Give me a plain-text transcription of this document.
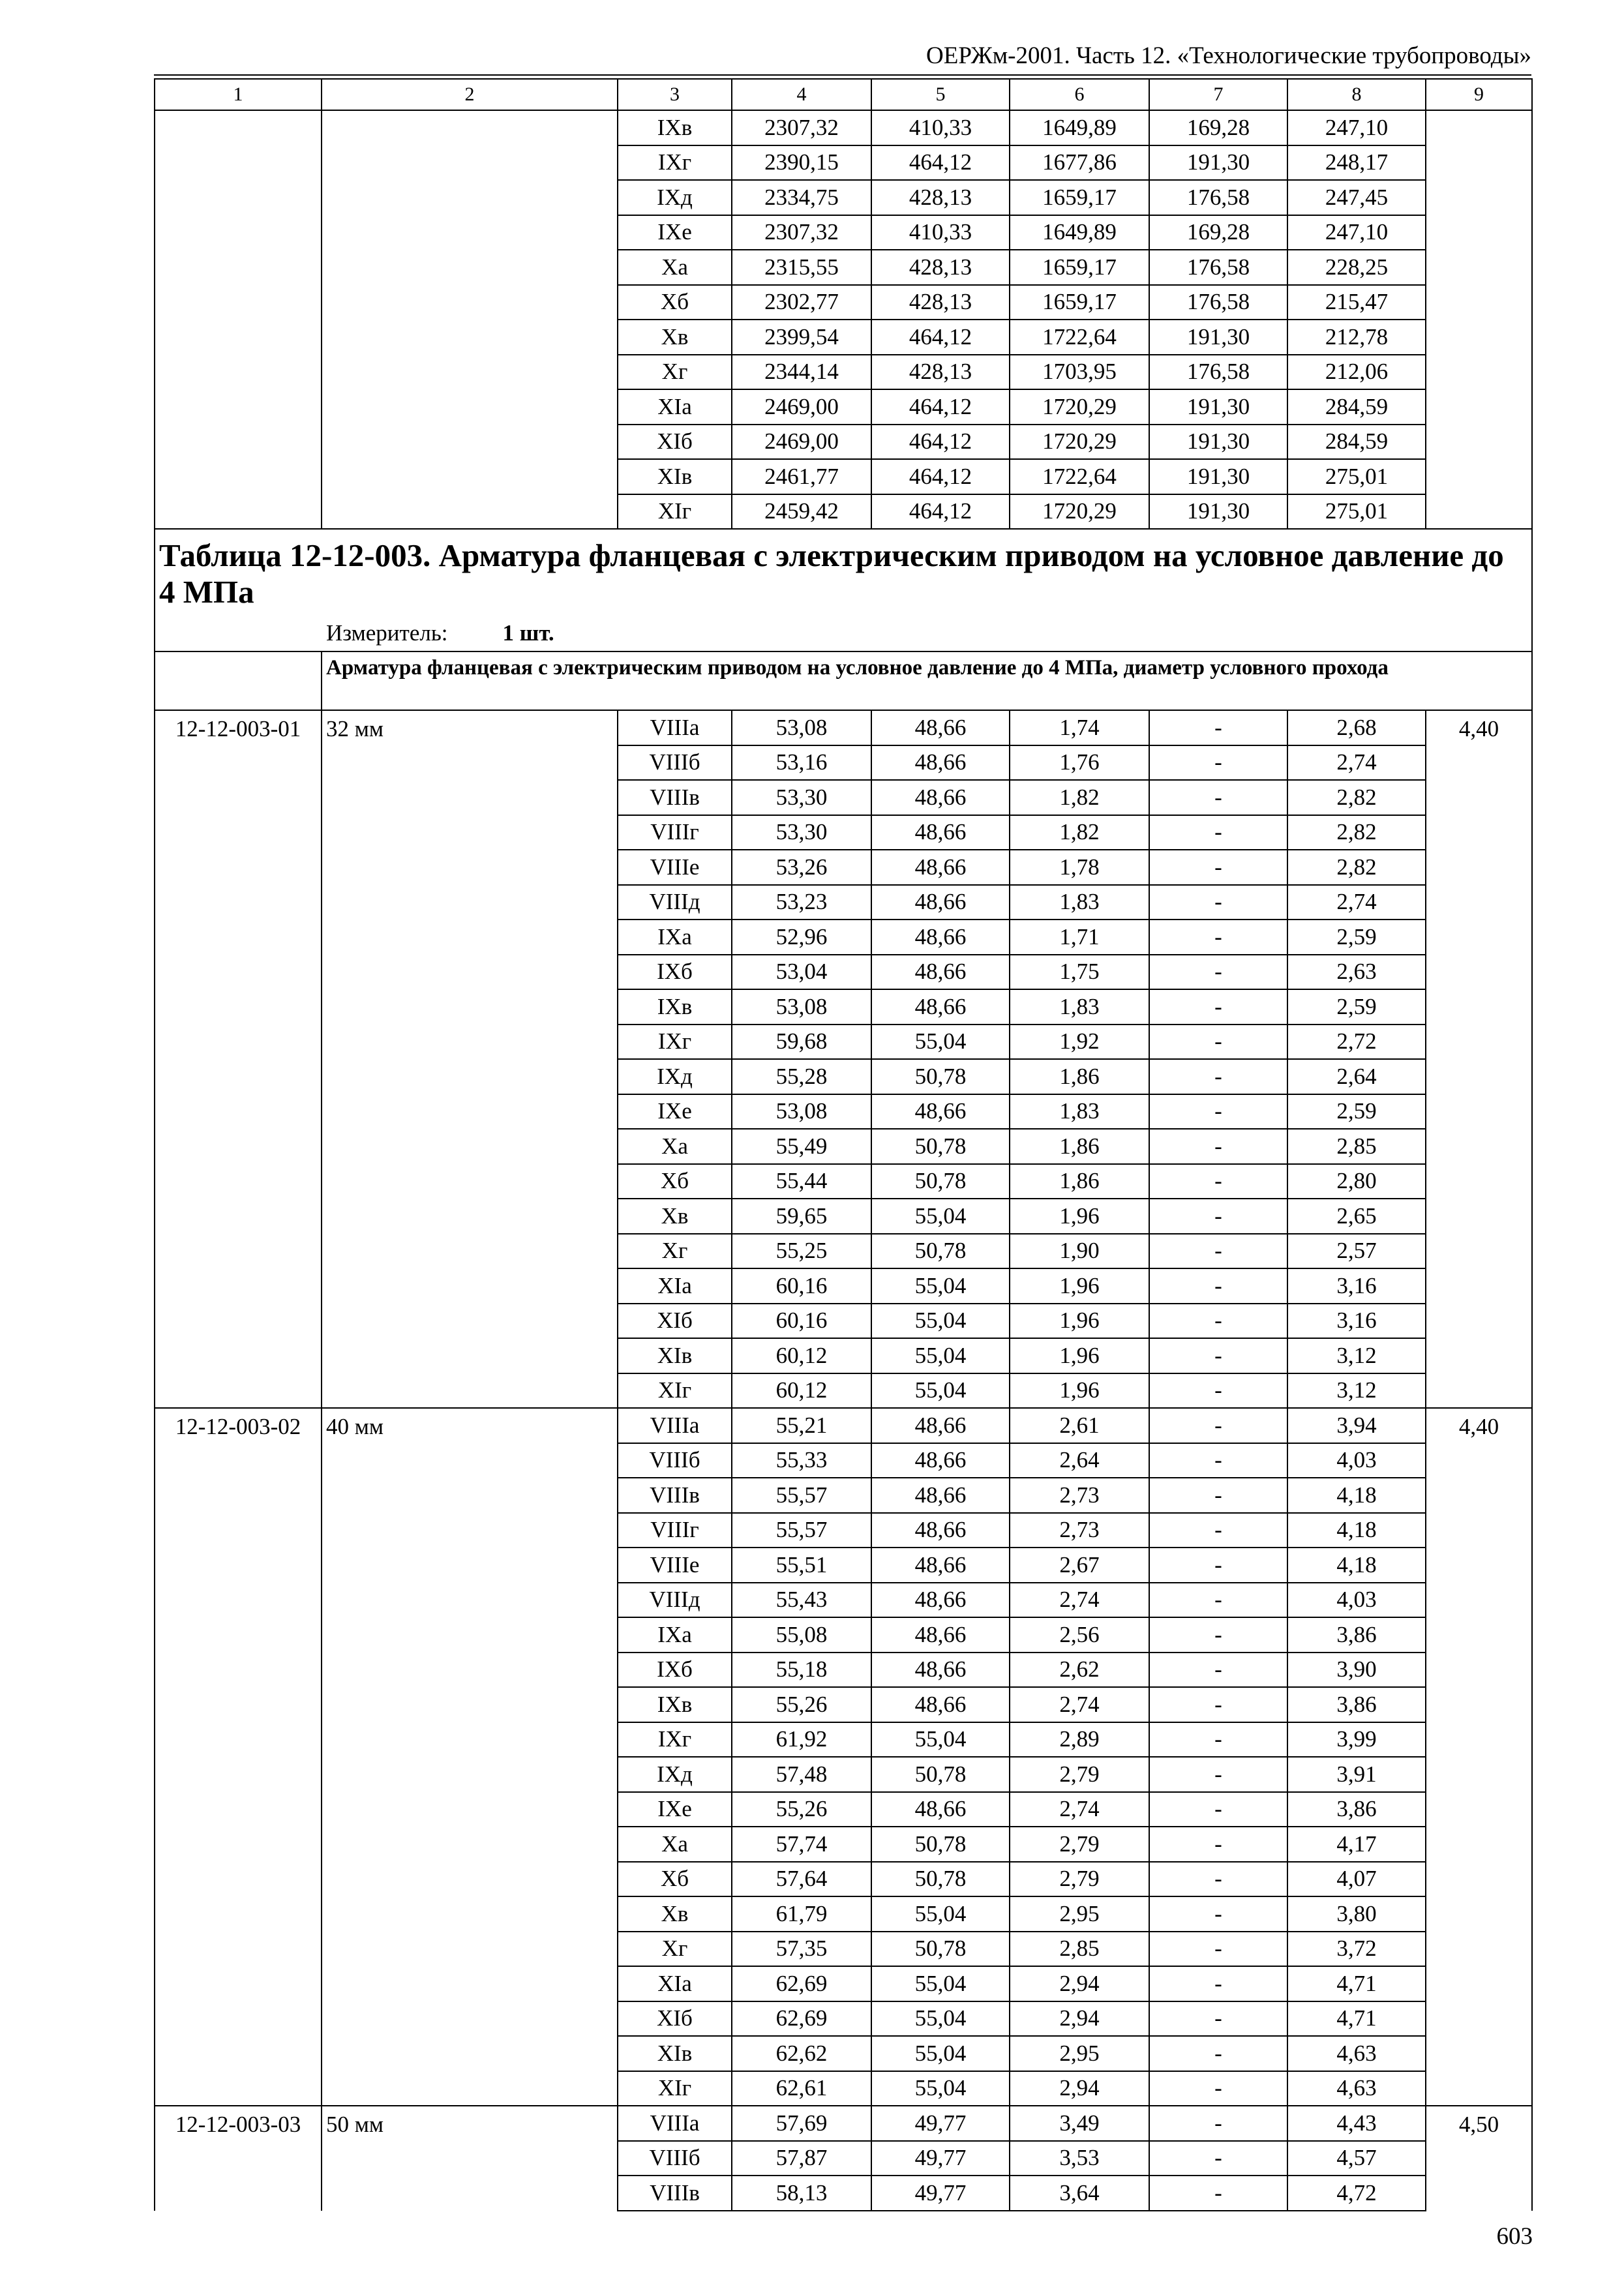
ОЕРЖм-2001. Часть 12. «Технологические трубопроводы»
1	2	3	4	5	6	7	8	9
		IXв	2307,32	410,33	1649,89	169,28	247,10	
		IXг	2390,15	464,12	1677,86	191,30	248,17	
		IXд	2334,75	428,13	1659,17	176,58	247,45	
		IXе	2307,32	410,33	1649,89	169,28	247,10	
		Xа	2315,55	428,13	1659,17	176,58	228,25	
		Xб	2302,77	428,13	1659,17	176,58	215,47	
		Xв	2399,54	464,12	1722,64	191,30	212,78	
		Xг	2344,14	428,13	1703,95	176,58	212,06	
		XIа	2469,00	464,12	1720,29	191,30	284,59	
		XIб	2469,00	464,12	1720,29	191,30	284,59	
		XIв	2461,77	464,12	1722,64	191,30	275,01	
		XIг	2459,42	464,12	1720,29	191,30	275,01	

Таблица 12-12-003. Арматура фланцевая с электрическим приводом на условное давление до 4 МПа
Измеритель: 1 шт.								

	Арматура фланцевая с электрическим приводом на условное давление до 4 МПа, диаметр условного прохода							
12-12-003-01	32 мм	VIIIа	53,08	48,66	1,74	-	2,68	4,40
		VIIIб	53,16	48,66	1,76	-	2,74	
		VIIIв	53,30	48,66	1,82	-	2,82	
		VIIIг	53,30	48,66	1,82	-	2,82	
		VIIIе	53,26	48,66	1,78	-	2,82	
		VIIIд	53,23	48,66	1,83	-	2,74	
		IXа	52,96	48,66	1,71	-	2,59	
		IXб	53,04	48,66	1,75	-	2,63	
		IXв	53,08	48,66	1,83	-	2,59	
		IXг	59,68	55,04	1,92	-	2,72	
		IXд	55,28	50,78	1,86	-	2,64	
		IXе	53,08	48,66	1,83	-	2,59	
		Xа	55,49	50,78	1,86	-	2,85	
		Xб	55,44	50,78	1,86	-	2,80	
		Xв	59,65	55,04	1,96	-	2,65	
		Xг	55,25	50,78	1,90	-	2,57	
		XIа	60,16	55,04	1,96	-	3,16	
		XIб	60,16	55,04	1,96	-	3,16	
		XIв	60,12	55,04	1,96	-	3,12	
		XIг	60,12	55,04	1,96	-	3,12	
12-12-003-02	40 мм	VIIIа	55,21	48,66	2,61	-	3,94	4,40
		VIIIб	55,33	48,66	2,64	-	4,03	
		VIIIв	55,57	48,66	2,73	-	4,18	
		VIIIг	55,57	48,66	2,73	-	4,18	
		VIIIе	55,51	48,66	2,67	-	4,18	
		VIIIд	55,43	48,66	2,74	-	4,03	
		IXа	55,08	48,66	2,56	-	3,86	
		IXб	55,18	48,66	2,62	-	3,90	
		IXв	55,26	48,66	2,74	-	3,86	
		IXг	61,92	55,04	2,89	-	3,99	
		IXд	57,48	50,78	2,79	-	3,91	
		IXе	55,26	48,66	2,74	-	3,86	
		Xа	57,74	50,78	2,79	-	4,17	
		Xб	57,64	50,78	2,79	-	4,07	
		Xв	61,79	55,04	2,95	-	3,80	
		Xг	57,35	50,78	2,85	-	3,72	
		XIа	62,69	55,04	2,94	-	4,71	
		XIб	62,69	55,04	2,94	-	4,71	
		XIв	62,62	55,04	2,95	-	4,63	
		XIг	62,61	55,04	2,94	-	4,63	
12-12-003-03	50 мм	VIIIа	57,69	49,77	3,49	-	4,43	4,50
		VIIIб	57,87	49,77	3,53	-	4,57	
		VIIIв	58,13	49,77	3,64	-	4,72	
603
